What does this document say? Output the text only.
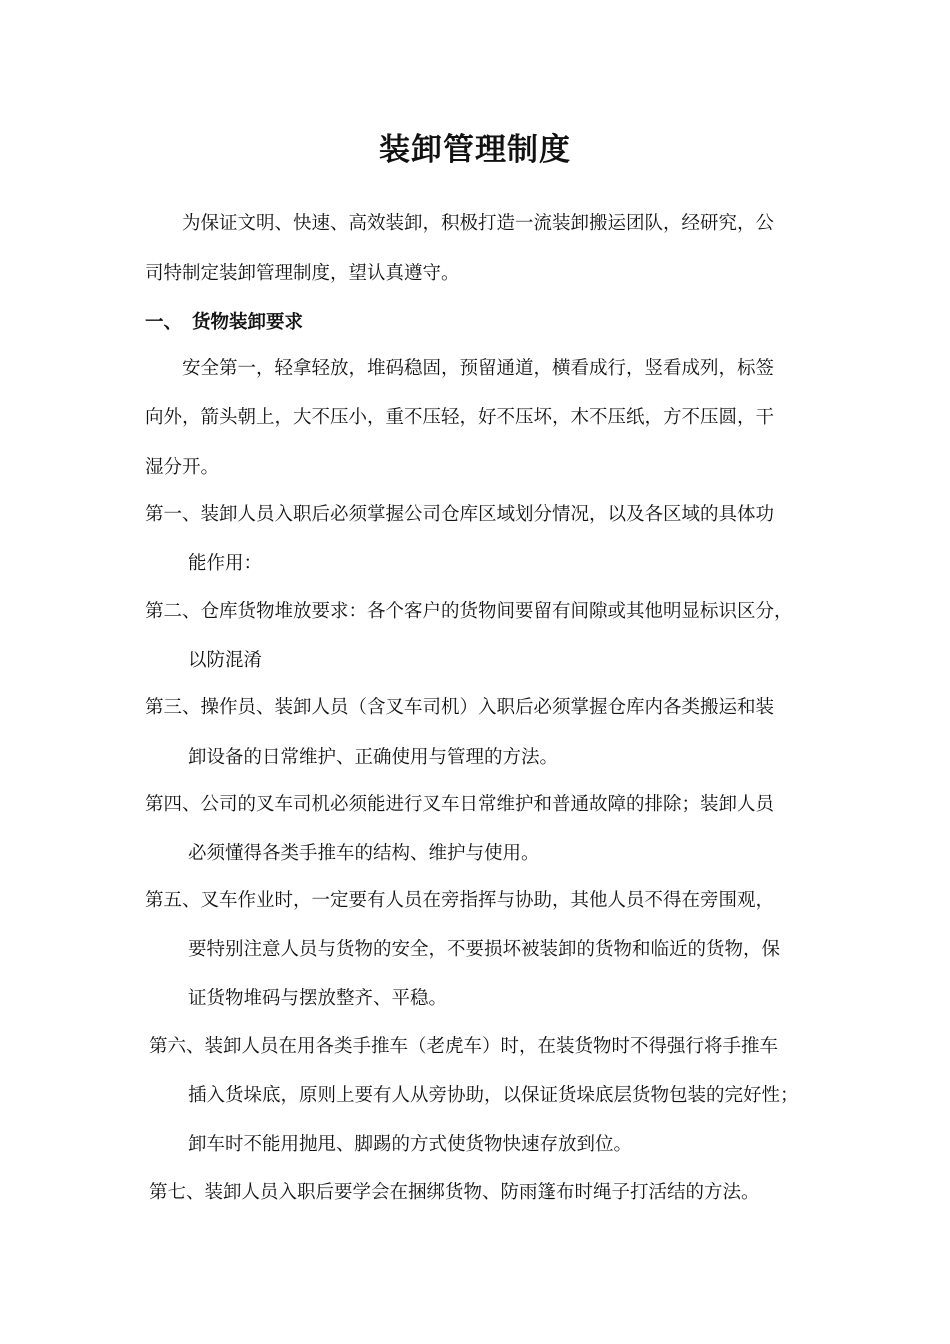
装卸管理制度
为保证文明、快速、高效装卸，积极打造一流装卸搬运团队，经研究，公
司特制定装卸管理制度，望认真遵守。
一、 货物装卸要求
安全第一，轻拿轻放，堆码稳固，预留通道，横看成行，竖看成列，标签
向外，箭头朝上，大不压小，重不压轻，好不压坏，木不压纸，方不压圆，干
湿分开。
第一、装卸人员入职后必须掌握公司仓库区域划分情况，以及各区域的具体功
能作用：
第二、仓库货物堆放要求：各个客户的货物间要留有间隙或其他明显标识区分，
以防混淆
第三、操作员、装卸人员（含叉车司机）入职后必须掌握仓库内各类搬运和装
卸设备的日常维护、正确使用与管理的方法。
第四、公司的叉车司机必须能进行叉车日常维护和普通故障的排除；装卸人员
必须懂得各类手推车的结构、维护与使用。
第五、叉车作业时，一定要有人员在旁指挥与协助，其他人员不得在旁围观，
要特别注意人员与货物的安全，不要损坏被装卸的货物和临近的货物，保
证货物堆码与摆放整齐、平稳。
第六、装卸人员在用各类手推车（老虎车）时，在装货物时不得强行将手推车
插入货垛底，原则上要有人从旁协助，以保证货垛底层货物包装的完好性；
卸车时不能用抛甩、脚踢的方式使货物快速存放到位。
第七、装卸人员入职后要学会在捆绑货物、防雨篷布时绳子打活结的方法。
